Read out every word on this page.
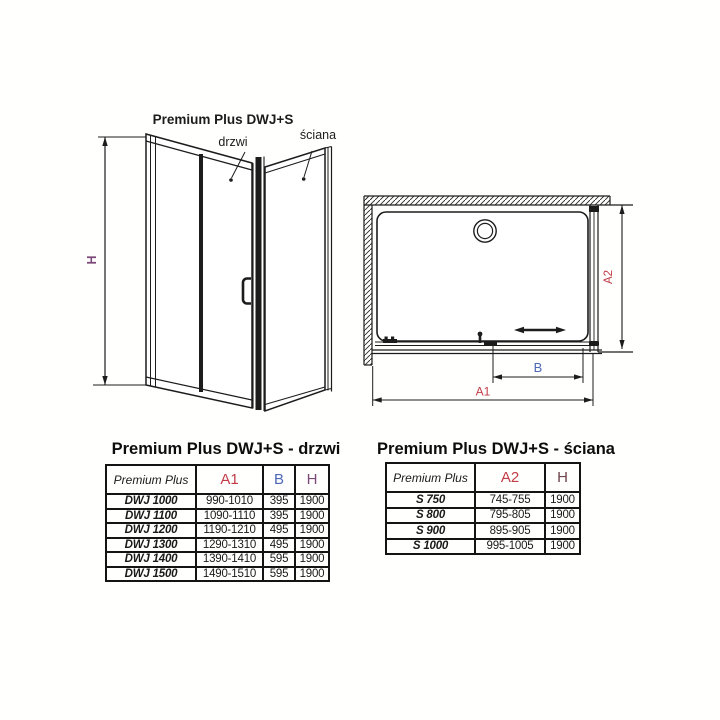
Premium Plus DWJ+S
H
drzwi	ściana
B
A1
A2
Premium Plus DWJ+S - drzwi
Premium Plus	A1	B	H
DWJ 1000	990-1010	395	1900
DWJ 1100	1090-1110	395	1900
DWJ 1200	1190-1210	495	1900
DWJ 1300	1290-1310	495	1900
DWJ 1400	1390-1410	595	1900
DWJ 1500	1490-1510	595	1900
Premium Plus DWJ+S - ściana
Premium Plus	A2	H
S 750	745-755	1900
S 800	795-805	1900
S 900	895-905	1900
S 1000	995-1005	1900
